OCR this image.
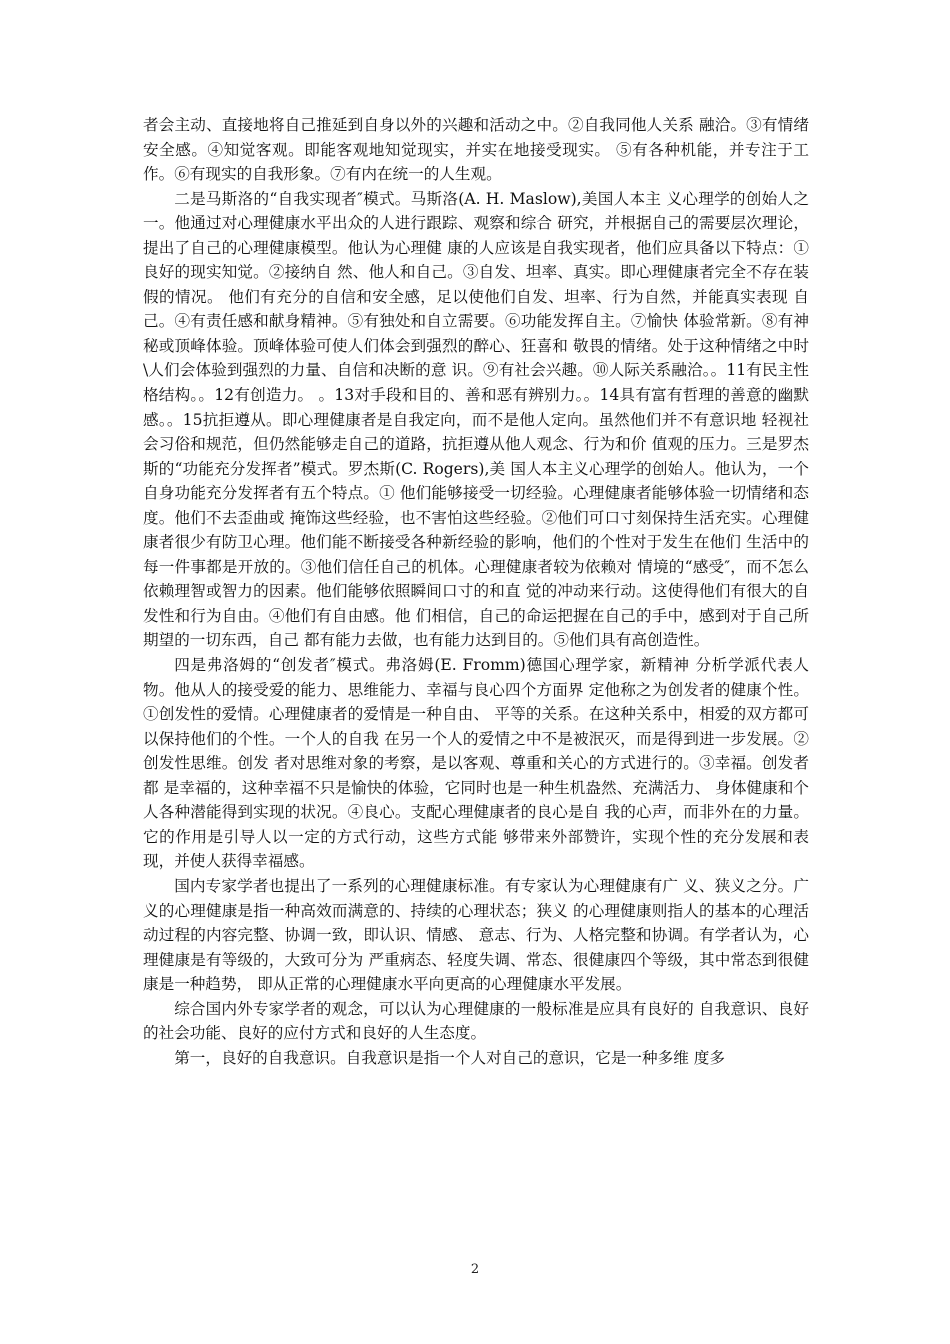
者会主动、直接地将自己推延到自身以外的兴趣和活动之中。②自我同他人关系 融洽。③有情绪安全感。④知觉客观。即能客观地知觉现实，并实在地接受现实。 ⑤有各种机能，并专注于工作。⑥有现实的自我形象。⑦有内在统一的人生观。

二是马斯洛的“自我实现者″模式。马斯洛(A. H. Maslow),美国人本主 义心理学的创始人之一。他通过对心理健康水平出众的人进行跟踪、观察和综合 研究，并根据自己的需要层次理论，提出了自己的心理健康模型。他认为心理健 康的人应该是自我实现者，他们应具备以下特点：①良好的现实知觉。②接纳自 然、他人和自己。③自发、坦率、真实。即心理健康者完全不存在装假的情况。 他们有充分的自信和安全感，足以使他们自发、坦率、行为自然，并能真实表现 自己。④有责任感和献身精神。⑤有独处和自立需要。⑥功能发挥自主。⑦愉快 体验常新。⑧有神秘或顶峰体验。顶峰体验可使人们体会到强烈的醉心、狂喜和 敬畏的情绪。处于这种情绪之中时\人们会体验到强烈的力量、自信和决断的意 识。⑨有社会兴趣。⑩人际关系融洽。。11有民主性格结构。。12有创造力。 。13对手段和目的、善和恶有辨别力。。14具有富有哲理的善意的幽默感。。15抗拒遵从。即心理健康者是自我定向，而不是他人定向。虽然他们并不有意识地 轻视社会习俗和规范，但仍然能够走自己的道路，抗拒遵从他人观念、行为和价 值观的压力。三是罗杰斯的“功能充分发挥者”模式。罗杰斯(C. Rogers),美 国人本主义心理学的创始人。他认为，一个自身功能充分发挥者有五个特点。① 他们能够接受一切经验。心理健康者能够体验一切情绪和态度。他们不去歪曲或 掩饰这些经验，也不害怕这些经验。②他们可口寸刻保持生活充实。心理健康者很少有防卫心理。他们能不断接受各种新经验的影响，他们的个性对于发生在他们 生活中的每一件事都是开放的。③他们信任自己的机体。心理健康者较为依赖对 情境的“感受″，而不怎么依赖理智或智力的因素。他们能够依照瞬间口寸的和直 觉的冲动来行动。这使得他们有很大的自发性和行为自由。④他们有自由感。他 们相信，自己的命运把握在自己的手中，感到对于自己所期望的一切东西，自己 都有能力去做，也有能力达到目的。⑤他们具有高创造性。

四是弗洛姆的“创发者″模式。弗洛姆(E. Fromm)德国心理学家，新精神 分析学派代表人物。他从人的接受爱的能力、思维能力、幸福与良心四个方面界 定他称之为创发者的健康个性。①创发性的爱情。心理健康者的爱情是一种自由、 平等的关系。在这种关系中，相爱的双方都可以保持他们的个性。一个人的自我 在另一个人的爱情之中不是被泯灭，而是得到进一步发展。②创发性思维。创发 者对思维对象的考察，是以客观、尊重和关心的方式进行的。③幸福。创发者都 是幸福的，这种幸福不只是愉快的体验，它同时也是一种生机盎然、充满活力、 身体健康和个人各种潜能得到实现的状况。④良心。支配心理健康者的良心是自 我的心声，而非外在的力量。它的作用是引导人以一定的方式行动，这些方式能 够带来外部赞许，实现个性的充分发展和表现，并使人获得幸福感。

国内专家学者也提出了一系列的心理健康标准。有专家认为心理健康有广 义、狭义之分。广义的心理健康是指一种高效而满意的、持续的心理状态；狭义 的心理健康则指人的基本的心理活动过程的内容完整、协调一致，即认识、情感、 意志、行为、人格完整和协调。有学者认为，心理健康是有等级的，大致可分为 严重病态、轻度失调、常态、很健康四个等级，其中常态到很健康是一种趋势， 即从正常的心理健康水平向更高的心理健康水平发展。

综合国内外专家学者的观念，可以认为心理健康的一般标准是应具有良好的 自我意识、良好的社会功能、良好的应付方式和良好的人生态度。

第一，良好的自我意识。自我意识是指一个人对自己的意识，它是一种多维 度多

2
